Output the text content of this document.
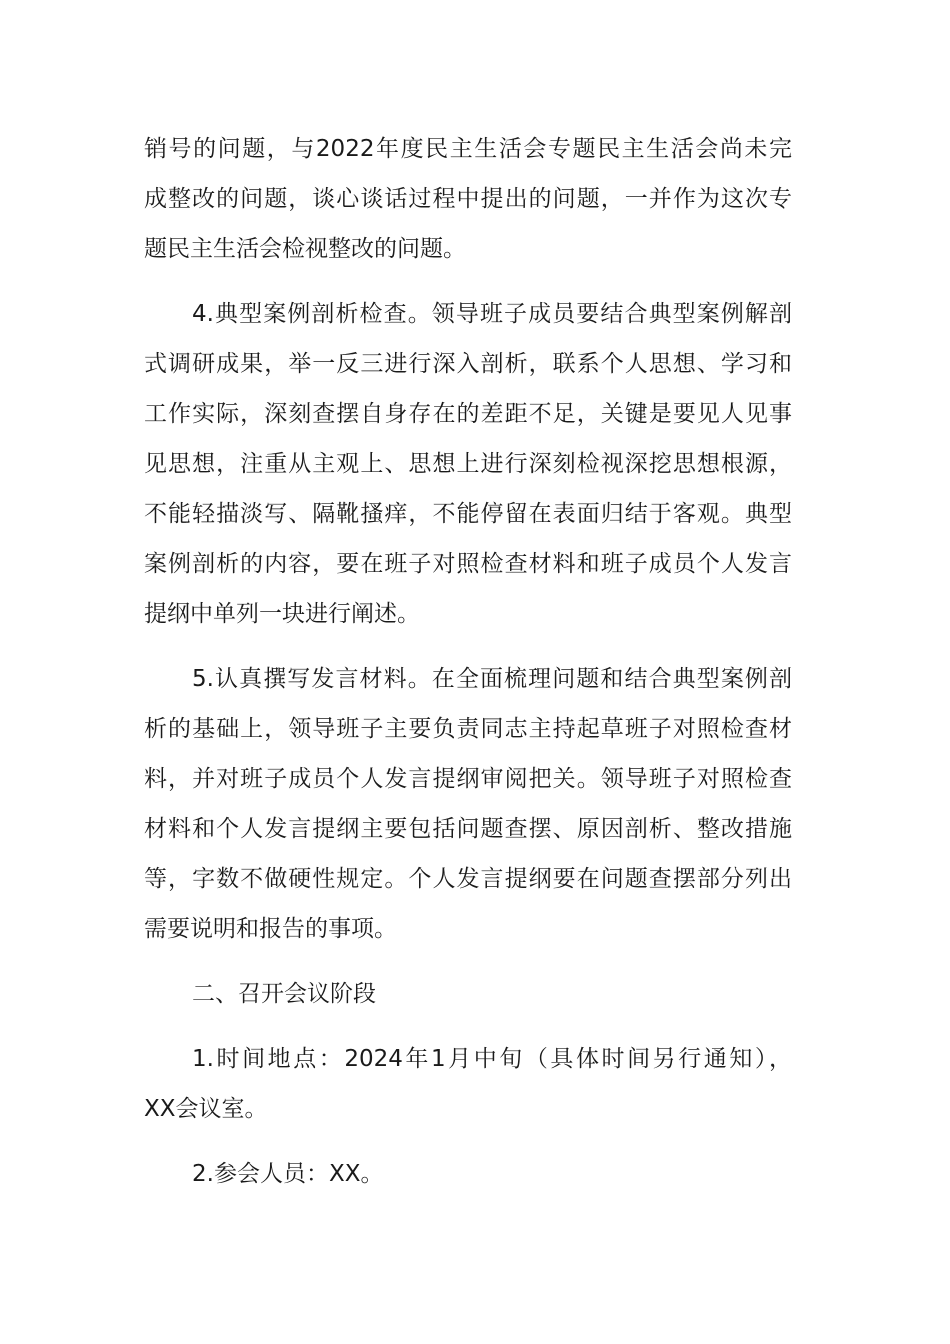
销号的问题，与2022年度民主生活会专题民主生活会尚未完
成整改的问题，谈心谈话过程中提出的问题，一并作为这次专
题民主生活会检视整改的问题。
4.典型案例剖析检查。领导班子成员要结合典型案例解剖
式调研成果，举一反三进行深入剖析，联系个人思想、学习和
工作实际，深刻查摆自身存在的差距不足，关键是要见人见事
见思想，注重从主观上、思想上进行深刻检视深挖思想根源，
不能轻描淡写、隔靴搔痒，不能停留在表面归结于客观。典型
案例剖析的内容，要在班子对照检查材料和班子成员个人发言
提纲中单列一块进行阐述。
5.认真撰写发言材料。在全面梳理问题和结合典型案例剖
析的基础上，领导班子主要负责同志主持起草班子对照检查材
料，并对班子成员个人发言提纲审阅把关。领导班子对照检查
材料和个人发言提纲主要包括问题查摆、原因剖析、整改措施
等，字数不做硬性规定。个人发言提纲要在问题查摆部分列出
需要说明和报告的事项。
二、召开会议阶段
1.时间地点：2024年1月中旬（具体时间另行通知），
XX会议室。
2.参会人员：XX。
